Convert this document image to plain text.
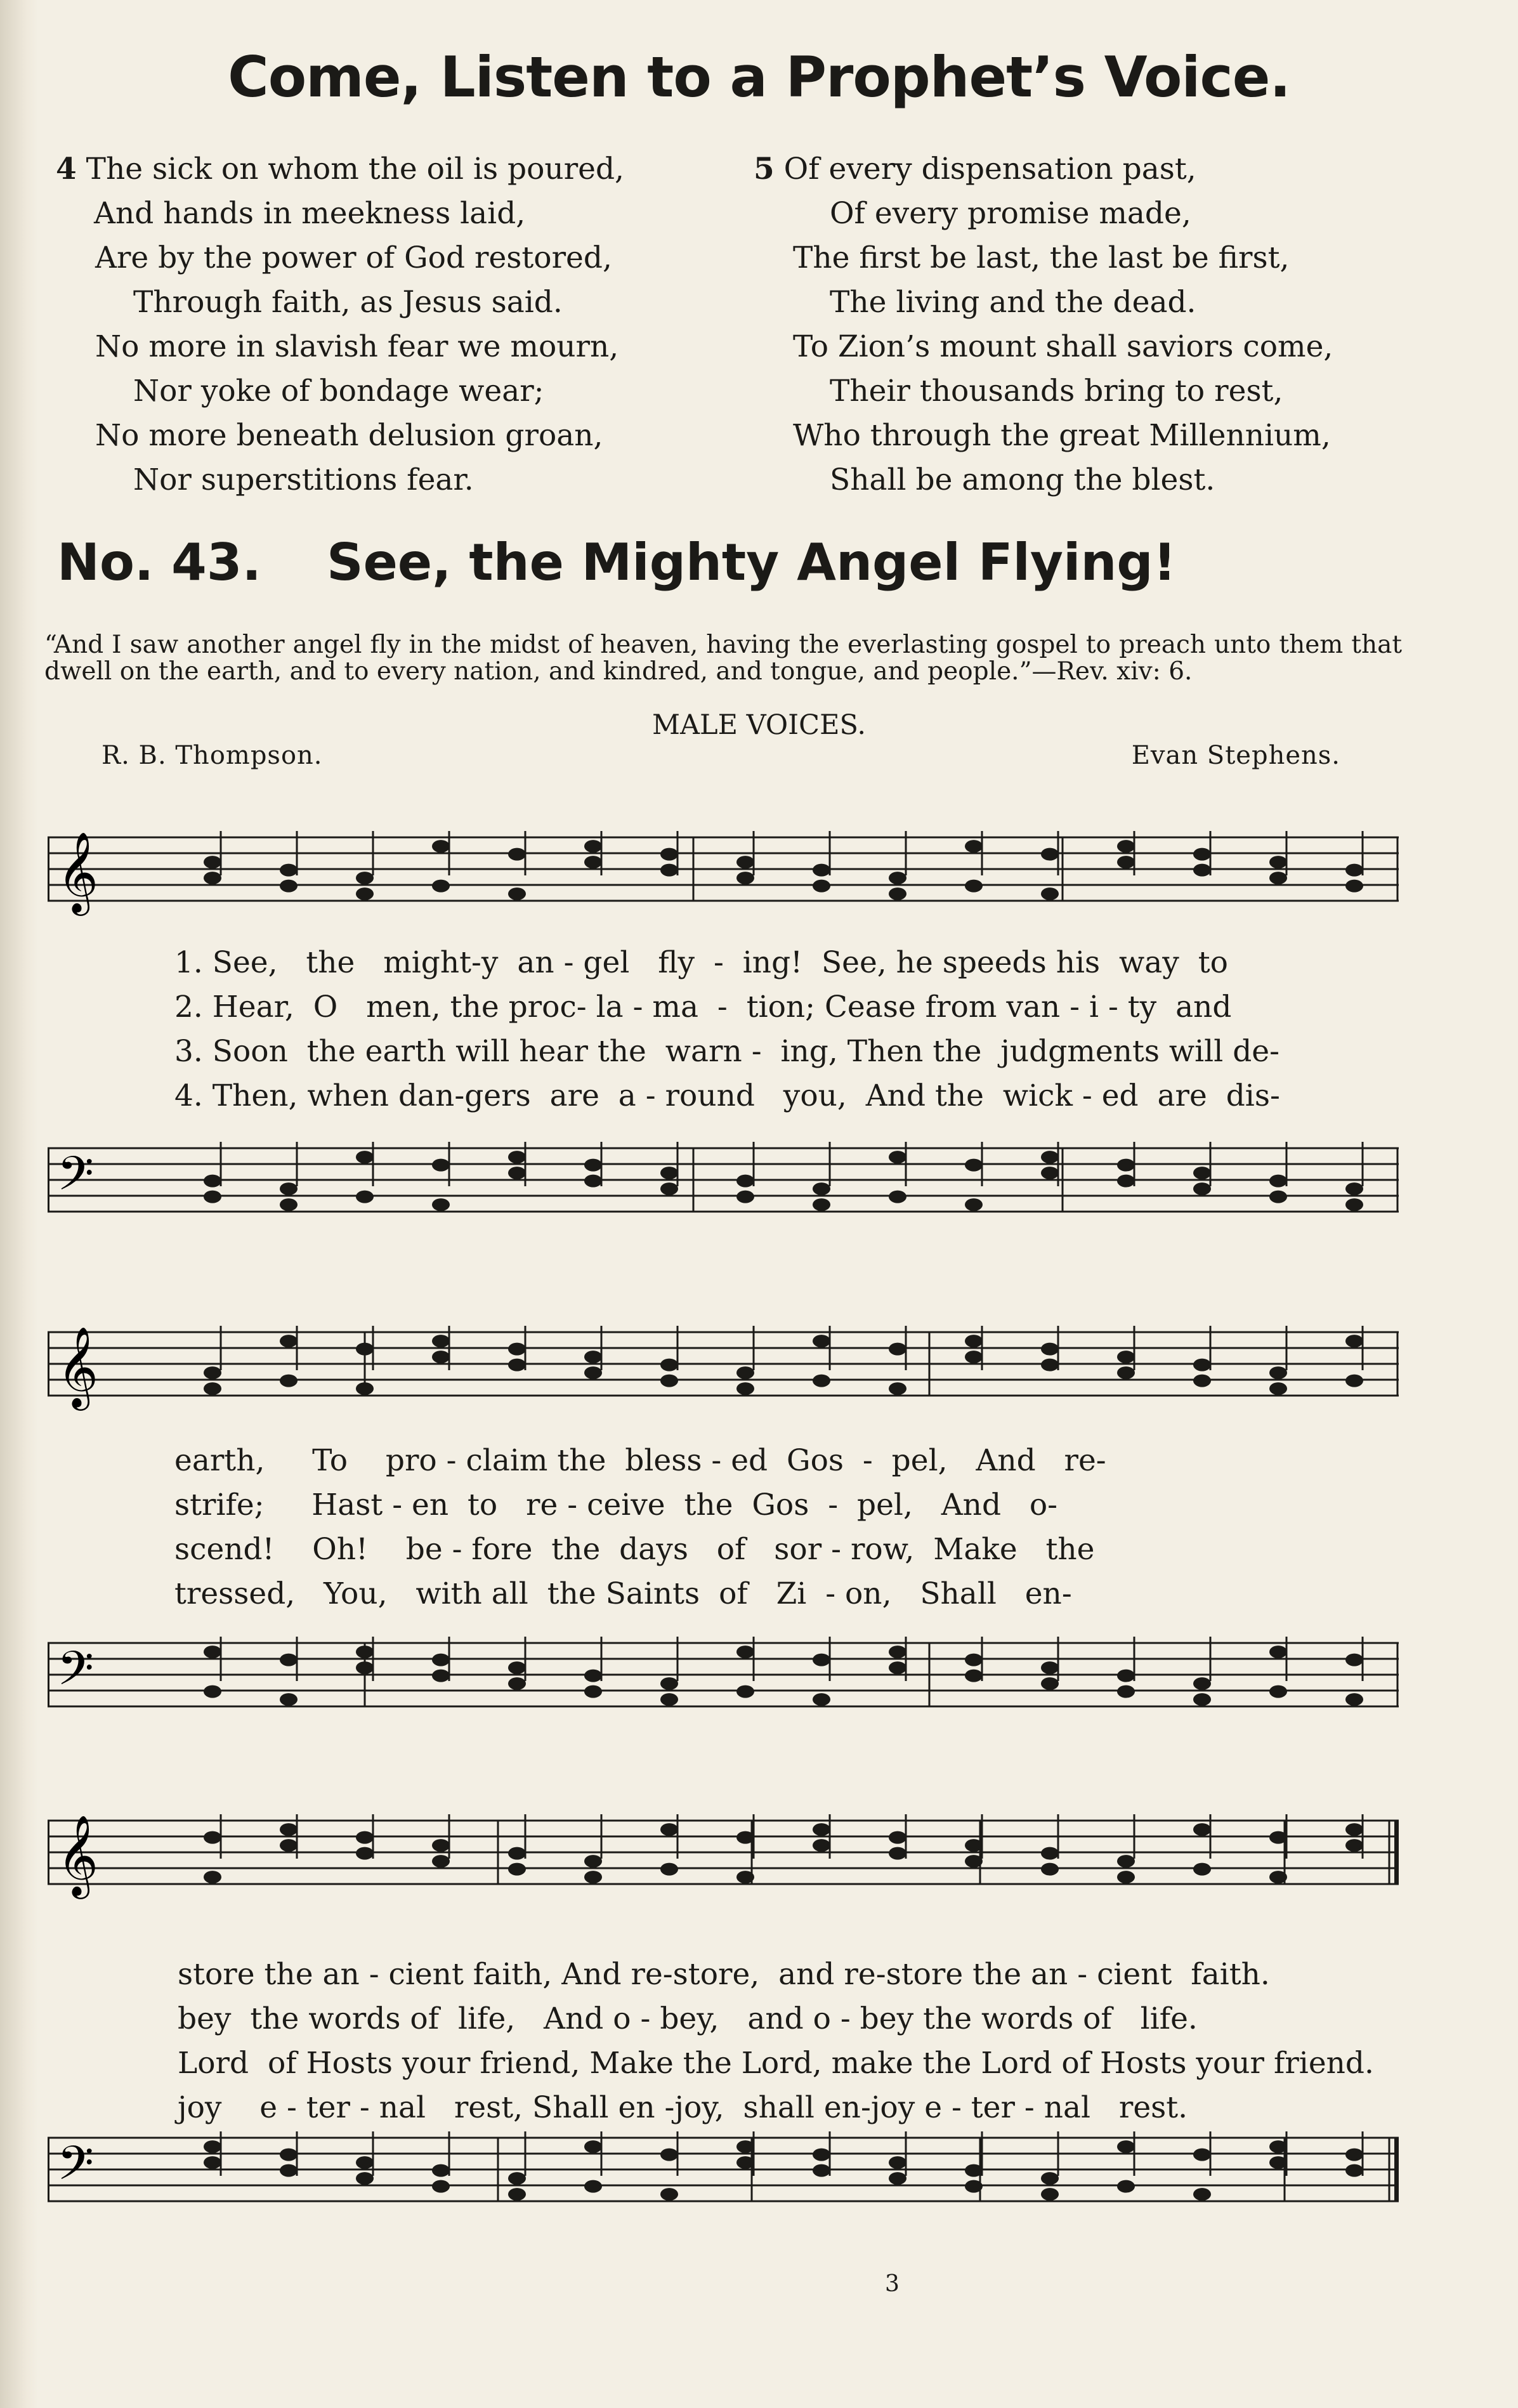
Come, Listen to a Prophet’s Voice.
4 The sick on whom the oil is poured,
And hands in meekness laid,
Are by the power of God restored,
Through faith, as Jesus said.
No more in slavish fear we mourn,
Nor yoke of bondage wear;
No more beneath delusion groan,
Nor superstitions fear.
5 Of every dispensation past,
Of every promise made,
The first be last, the last be first,
The living and the dead.
To Zion’s mount shall saviors come,
Their thousands bring to rest,
Who through the great Millennium,
Shall be among the blest.
No. 43. See, the Mighty Angel Flying!
“And I saw another angel fly in the midst of heaven, having the everlasting gospel to preach unto them that dwell on the earth, and to every nation, and kindred, and tongue, and people.”—Rev. xiv: 6.
MALE VOICES.
R. B. Thompson.	Evan Stephens.
𝄞
𝄢
1. See, the might-y an - gel fly - ing! See, he speeds his way to
2. Hear, O men, the proc- la - ma - tion; Cease from van - i - ty and
3. Soon the earth will hear the warn - ing, Then the judgments will de-
4. Then, when dan-gers are a - round you, And the wick - ed are dis-
𝄞
𝄢
earth, To pro - claim the bless - ed Gos - pel, And re-
strife; Hast - en to re - ceive the Gos - pel, And o-
scend! Oh! be - fore the days of sor - row, Make the
tressed, You, with all the Saints of Zi - on, Shall en-
𝄞
𝄢
store the an - cient faith, And re-store, and re-store the an - cient faith.
bey the words of life, And o - bey, and o - bey the words of life.
Lord of Hosts your friend, Make the Lord, make the Lord of Hosts your friend.
joy e - ter - nal rest, Shall en -joy, shall en-joy e - ter - nal rest.
3
